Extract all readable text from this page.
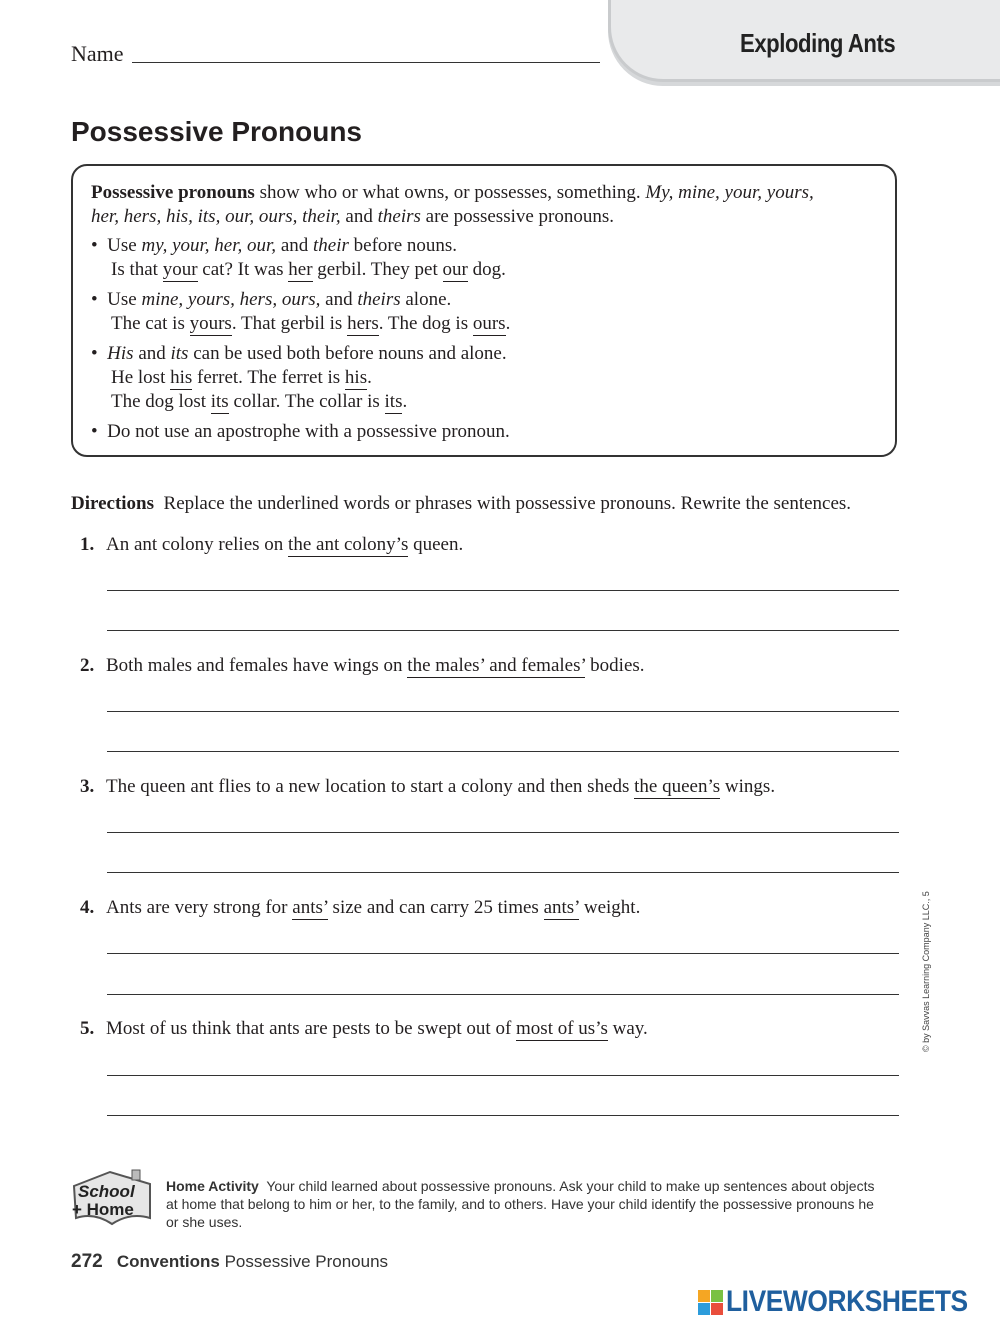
Exploding Ants
Name
Possessive Pronouns
Possessive pronouns show who or what owns, or possesses, something. My, mine, your, yours,
her, hers, his, its, our, ours, their, and theirs are possessive pronouns.
•  Use my, your, her, our, and their before nouns.
Is that your cat? It was her gerbil. They pet our dog.
•  Use mine, yours, hers, ours, and theirs alone.
The cat is yours. That gerbil is hers. The dog is ours.
•  His and its can be used both before nouns and alone.
He lost his ferret. The ferret is his.
The dog lost its collar. The collar is its.
•  Do not use an apostrophe with a possessive pronoun.
Directions Replace the underlined words or phrases with possessive pronouns. Rewrite the sentences.
1. An ant colony relies on the ant colony’s queen.
2. Both males and females have wings on the males’ and females’ bodies.
3. The queen ant flies to a new location to start a colony and then sheds the queen’s wings.
4. Ants are very strong for ants’ size and can carry 25 times ants’ weight.
5. Most of us think that ants are pests to be swept out of most of us’s way.	© by Savvas Learning Company LLC., 5
School
+ Home
Home Activity Your child learned about possessive pronouns. Ask your child to make up sentences about objects at home that belong to him or her, to the family, and to others. Have your child identify the possessive pronouns he or she uses.
272 Conventions Possessive Pronouns
LIVEWORKSHEETS
